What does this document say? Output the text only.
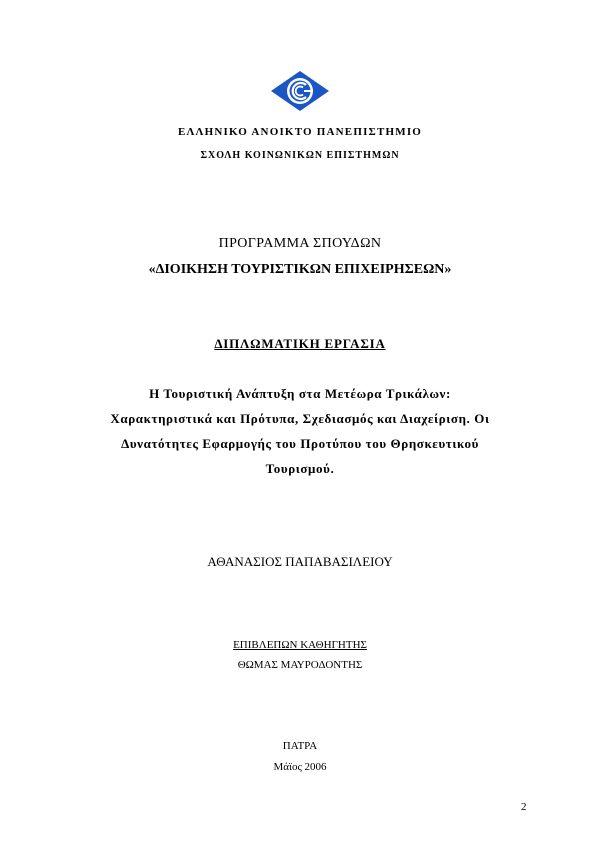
ΕΛΛΗΝΙΚΟ ΑΝΟΙΚΤΟ ΠΑΝΕΠΙΣΤΗΜΙΟ
ΣΧΟΛΗ ΚΟΙΝΩΝΙΚΩΝ ΕΠΙΣΤΗΜΩΝ
ΠΡΟΓΡΑΜΜΑ ΣΠΟΥΔΩΝ
«ΔΙΟΙΚΗΣΗ ΤΟΥΡΙΣΤΙΚΩΝ ΕΠΙΧΕΙΡΗΣΕΩΝ»
ΔΙΠΛΩΜΑΤΙΚΗ ΕΡΓΑΣΙΑ
Η Τουριστική Ανάπτυξη στα Μετέωρα Τρικάλων:
Χαρακτηριστικά και Πρότυπα, Σχεδιασμός και Διαχείριση. Οι
Δυνατότητες Εφαρμογής του Προτύπου του Θρησκευτικού
Τουρισμού.
ΑΘΑΝΑΣΙΟΣ ΠΑΠΑΒΑΣΙΛΕΙΟΥ
ΕΠΙΒΛΕΠΩΝ ΚΑΘΗΓΗΤΗΣ
ΘΩΜΑΣ ΜΑΥΡΟΔΟΝΤΗΣ
ΠΑΤΡΑ
Μάϊος 2006
2
